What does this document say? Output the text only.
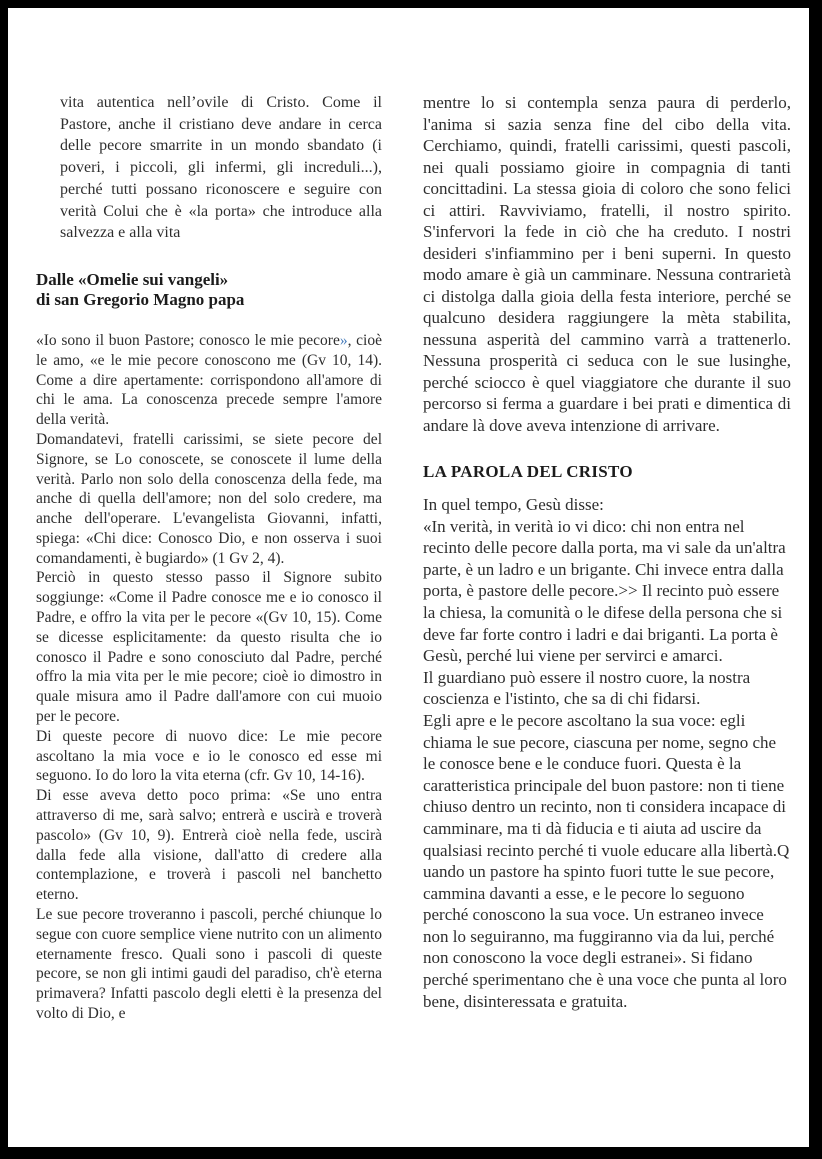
vita autentica nell’ovile di Cristo. Come il Pastore, anche il cristiano deve andare in cerca delle pecore smarrite in un mondo sbandato (i poveri, i piccoli, gli infermi, gli increduli...), perché tutti possano riconoscere e seguire con verità Colui che è «la porta» che introduce alla salvezza e alla vita

Dalle «Omelie sui vangeli»
di san Gregorio Magno papa

«Io sono il buon Pastore; conosco le mie pecore», cioè le amo, «e le mie pecore conoscono me (Gv 10, 14). Come a dire apertamente: corrispondono all'amore di chi le ama. La conoscenza precede sempre l'amore della verità.

Domandatevi, fratelli carissimi, se siete pecore del Signore, se Lo conoscete, se conoscete il lume della verità. Parlo non solo della conoscenza della fede, ma anche di quella dell'amore; non del solo credere, ma anche dell'operare. L'evangelista Giovanni, infatti, spiega: «Chi dice: Conosco Dio, e non osserva i suoi comandamenti, è bugiardo» (1 Gv 2, 4).

Perciò in questo stesso passo il Signore subito soggiunge: «Come il Padre conosce me e io conosco il Padre, e offro la vita per le pecore «(Gv 10, 15). Come se dicesse esplicitamente: da questo risulta che io conosco il Padre e sono conosciuto dal Padre, perché offro la mia vita per le mie pecore; cioè io dimostro in quale misura amo il Padre dall'amore con cui muoio per le pecore.

Di queste pecore di nuovo dice: Le mie pecore ascoltano la mia voce e io le conosco ed esse mi seguono. Io do loro la vita eterna (cfr. Gv 10, 14-16).

Di esse aveva detto poco prima: «Se uno entra attraverso di me, sarà salvo; entrerà e uscirà e troverà pascolo» (Gv 10, 9). Entrerà cioè nella fede, uscirà dalla fede alla visione, dall'atto di credere alla contemplazione, e troverà i pascoli nel banchetto eterno.

Le sue pecore troveranno i pascoli, perché chiunque lo segue con cuore semplice viene nutrito con un alimento eternamente fresco. Quali sono i pascoli di queste pecore, se non gli intimi gaudi del paradiso, ch'è eterna primavera? Infatti pascolo degli eletti è la presenza del volto di Dio, e

mentre lo si contempla senza paura di perderlo, l'anima si sazia senza fine del cibo della vita. Cerchiamo, quindi, fratelli carissimi, questi pascoli, nei quali possiamo gioire in compagnia di tanti concittadini. La stessa gioia di coloro che sono felici ci attiri. Ravviviamo, fratelli, il nostro spirito. S'infervori la fede in ciò che ha creduto. I nostri desideri s'infiammino per i beni superni. In questo modo amare è già un camminare. Nessuna contrarietà ci distolga dalla gioia della festa interiore, perché se qualcuno desidera raggiungere la mèta stabilita, nessuna asperità del cammino varrà a trattenerlo. Nessuna prosperità ci seduca con le sue lusinghe, perché sciocco è quel viaggiatore che durante il suo percorso si ferma a guardare i bei prati e dimentica di andare là dove aveva intenzione di arrivare.

LA PAROLA DEL CRISTO

In quel tempo, Gesù disse:

«In verità, in verità io vi dico: chi non entra nel recinto delle pecore dalla porta, ma vi sale da un'altra parte, è un ladro e un brigante. Chi invece entra dalla porta, è pastore delle pecore.>> Il recinto può essere la chiesa, la comunità o le difese della persona che si deve far forte contro i ladri e dai briganti. La porta è Gesù, perché lui viene per servirci e amarci.

Il guardiano può essere il nostro cuore, la nostra coscienza e l'istinto, che sa di chi fidarsi.

Egli apre e le pecore ascoltano la sua voce: egli chiama le sue pecore, ciascuna per nome, segno che le conosce bene e le conduce fuori. Questa è la caratteristica principale del buon pastore: non ti tiene chiuso dentro un recinto, non ti considera incapace di camminare, ma ti dà fiducia e ti aiuta ad uscire da qualsiasi recinto perché ti vuole educare alla libertà.Q uando un pastore ha spinto fuori tutte le sue pecore, cammina davanti a esse, e le pecore lo seguono perché conoscono la sua voce. Un estraneo invece non lo seguiranno, ma fuggiranno via da lui, perché non conoscono la voce degli estranei». Si fidano perché sperimentano che è una voce che punta al loro bene, disinteressata e gratuita.
